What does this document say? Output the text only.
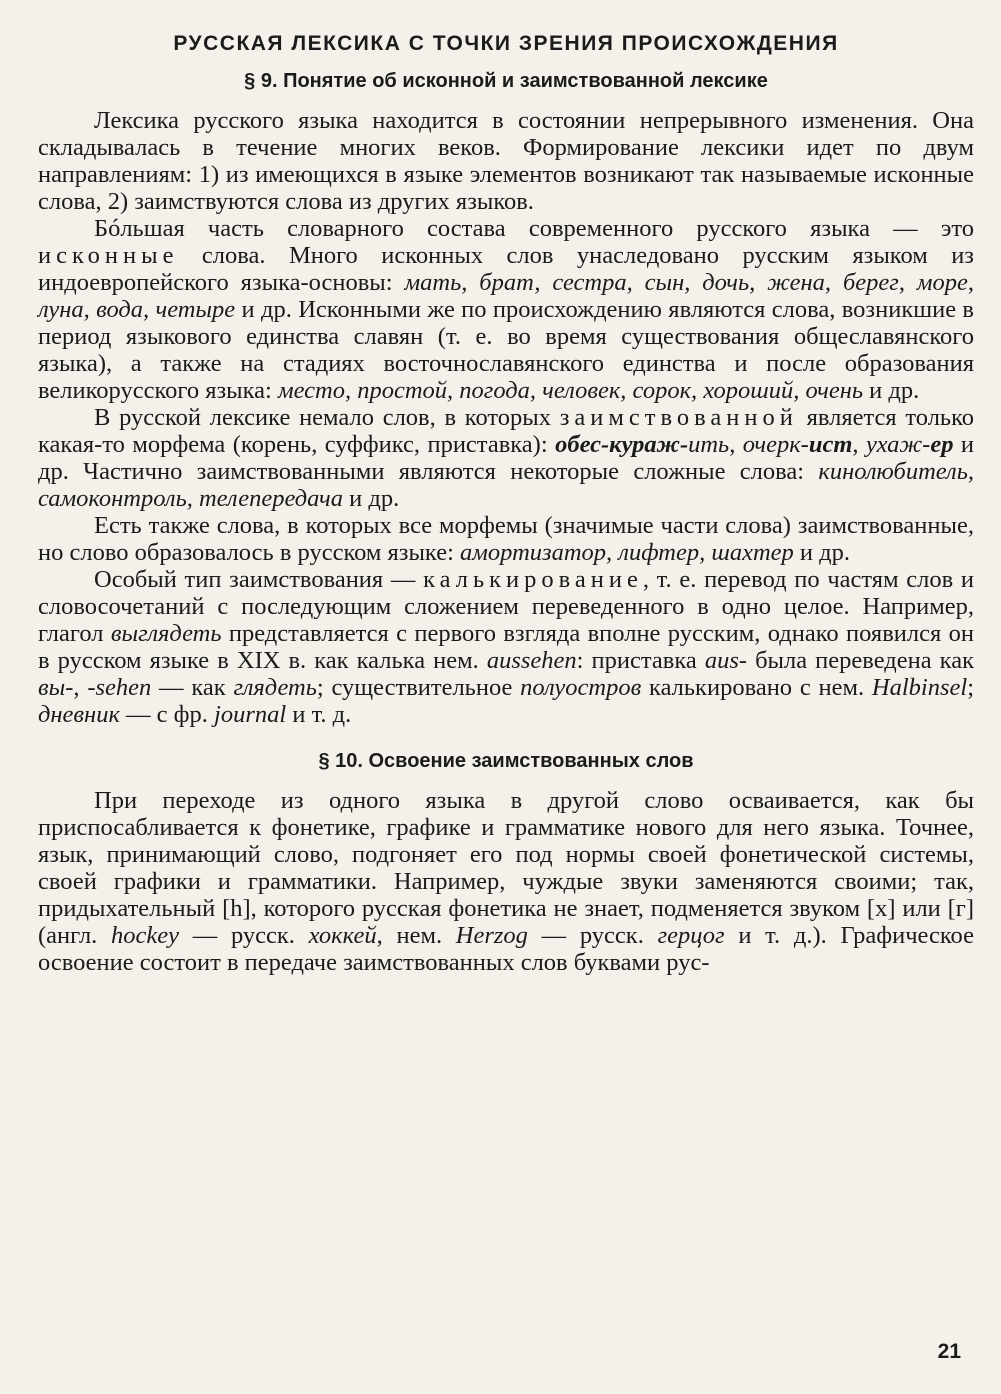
РУССКАЯ ЛЕКСИКА С ТОЧКИ ЗРЕНИЯ ПРОИСХОЖДЕНИЯ
§ 9. Понятие об исконной и заимствованной лексике

Лексика русского языка находится в состоянии непрерывного изменения. Она складывалась в течение многих веков. Формирование лексики идет по двум направлениям: 1) из имеющихся в языке элементов возникают так называемые исконные слова, 2) заимствуются слова из других языков.

Бóльшая часть словарного состава современного русского языка — это исконные слова. Много исконных слов унаследовано русским языком из индоевропейского языка-основы: мать, брат, сестра, сын, дочь, жена, берег, море, луна, вода, четыре и др. Исконными же по происхождению являются слова, возникшие в период языкового единства славян (т. е. во время существования общеславянского языка), а также на стадиях восточнославянского единства и после образования великорусского языка: место, простой, погода, человек, сорок, хороший, очень и др.

В русской лексике немало слов, в которых заимствованной является только какая-то морфема (корень, суффикс, приставка): обес-кураж-ить, очерк-ист, ухаж-ер и др. Частично заимствованными являются некоторые сложные слова: кинолюбитель, самоконтроль, телепередача и др.

Есть также слова, в которых все морфемы (значимые части слова) заимствованные, но слово образовалось в русском языке: амортизатор, лифтер, шахтер и др.

Особый тип заимствования — калькирование, т. е. перевод по частям слов и словосочетаний с последующим сложением переведенного в одно целое. Например, глагол выглядеть представляется с первого взгляда вполне русским, однако появился он в русском языке в XIX в. как калька нем. aussehen: приставка aus- была переведена как вы-, -sehen — как глядеть; существительное полуостров калькировано с нем. Halbinsel; дневник — с фр. journal и т. д.

§ 10. Освоение заимствованных слов

При переходе из одного языка в другой слово осваивается, как бы приспосабливается к фонетике, графике и грамматике нового для него языка. Точнее, язык, принимающий слово, подгоняет его под нормы своей фонетической системы, своей графики и грамматики. Например, чуждые звуки заменяются своими; так, придыхательный [h], которого русская фонетика не знает, подменяется звуком [x] или [г] (англ. hockey — русск. хоккей, нем. Herzog — русск. герцог и т. д.). Графическое освоение состоит в передаче заимствованных слов буквами рус-

21
